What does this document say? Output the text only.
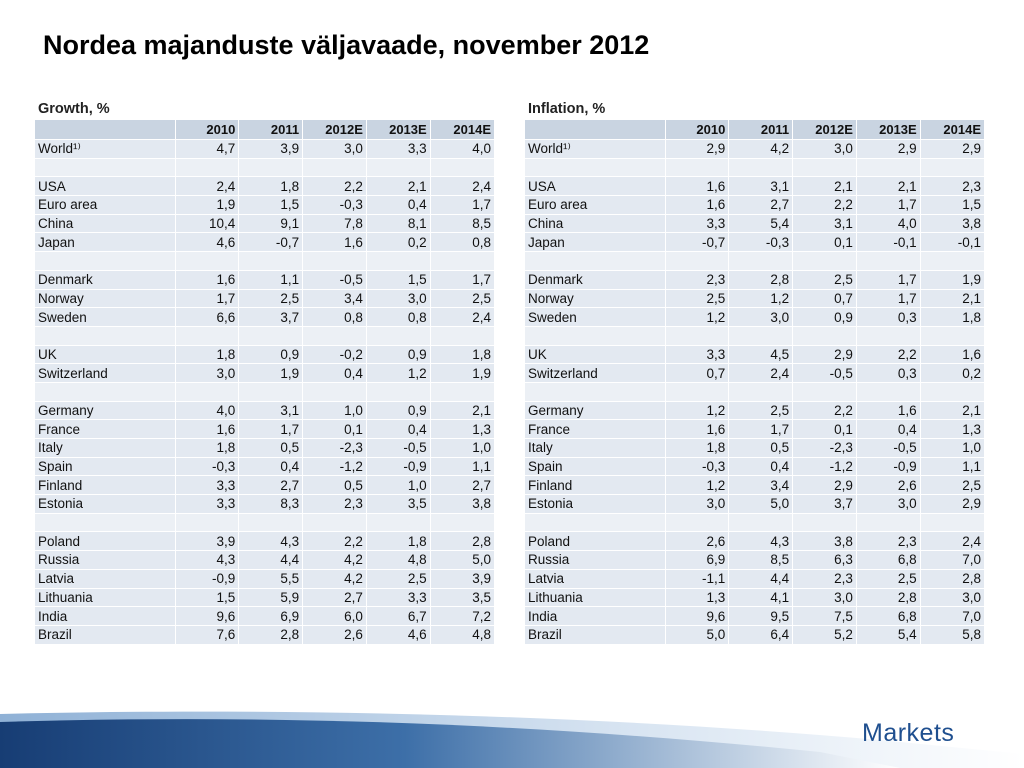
Nordea majanduste väljavaade, november 2012
Growth, %
	2010	2011	2012E	2013E	2014E
World¹⁾	4,7	3,9	3,0	3,3	4,0

USA	2,4	1,8	2,2	2,1	2,4
Euro area	1,9	1,5	-0,3	0,4	1,7
China	10,4	9,1	7,8	8,1	8,5
Japan	4,6	-0,7	1,6	0,2	0,8

Denmark	1,6	1,1	-0,5	1,5	1,7
Norway	1,7	2,5	3,4	3,0	2,5
Sweden	6,6	3,7	0,8	0,8	2,4

UK	1,8	0,9	-0,2	0,9	1,8
Switzerland	3,0	1,9	0,4	1,2	1,9

Germany	4,0	3,1	1,0	0,9	2,1
France	1,6	1,7	0,1	0,4	1,3
Italy	1,8	0,5	-2,3	-0,5	1,0
Spain	-0,3	0,4	-1,2	-0,9	1,1
Finland	3,3	2,7	0,5	1,0	2,7
Estonia	3,3	8,3	2,3	3,5	3,8

Poland	3,9	4,3	2,2	1,8	2,8
Russia	4,3	4,4	4,2	4,8	5,0
Latvia	-0,9	5,5	4,2	2,5	3,9
Lithuania	1,5	5,9	2,7	3,3	3,5
India	9,6	6,9	6,0	6,7	7,2
Brazil	7,6	2,8	2,6	4,6	4,8
Inflation, %
	2010	2011	2012E	2013E	2014E
World¹⁾	2,9	4,2	3,0	2,9	2,9

USA	1,6	3,1	2,1	2,1	2,3
Euro area	1,6	2,7	2,2	1,7	1,5
China	3,3	5,4	3,1	4,0	3,8
Japan	-0,7	-0,3	0,1	-0,1	-0,1

Denmark	2,3	2,8	2,5	1,7	1,9
Norway	2,5	1,2	0,7	1,7	2,1
Sweden	1,2	3,0	0,9	0,3	1,8

UK	3,3	4,5	2,9	2,2	1,6
Switzerland	0,7	2,4	-0,5	0,3	0,2

Germany	1,2	2,5	2,2	1,6	2,1
France	1,6	1,7	0,1	0,4	1,3
Italy	1,8	0,5	-2,3	-0,5	1,0
Spain	-0,3	0,4	-1,2	-0,9	1,1
Finland	1,2	3,4	2,9	2,6	2,5
Estonia	3,0	5,0	3,7	3,0	2,9

Poland	2,6	4,3	3,8	2,3	2,4
Russia	6,9	8,5	6,3	6,8	7,0
Latvia	-1,1	4,4	2,3	2,5	2,8
Lithuania	1,3	4,1	3,0	2,8	3,0
India	9,6	9,5	7,5	6,8	7,0
Brazil	5,0	6,4	5,2	5,4	5,8
Markets
